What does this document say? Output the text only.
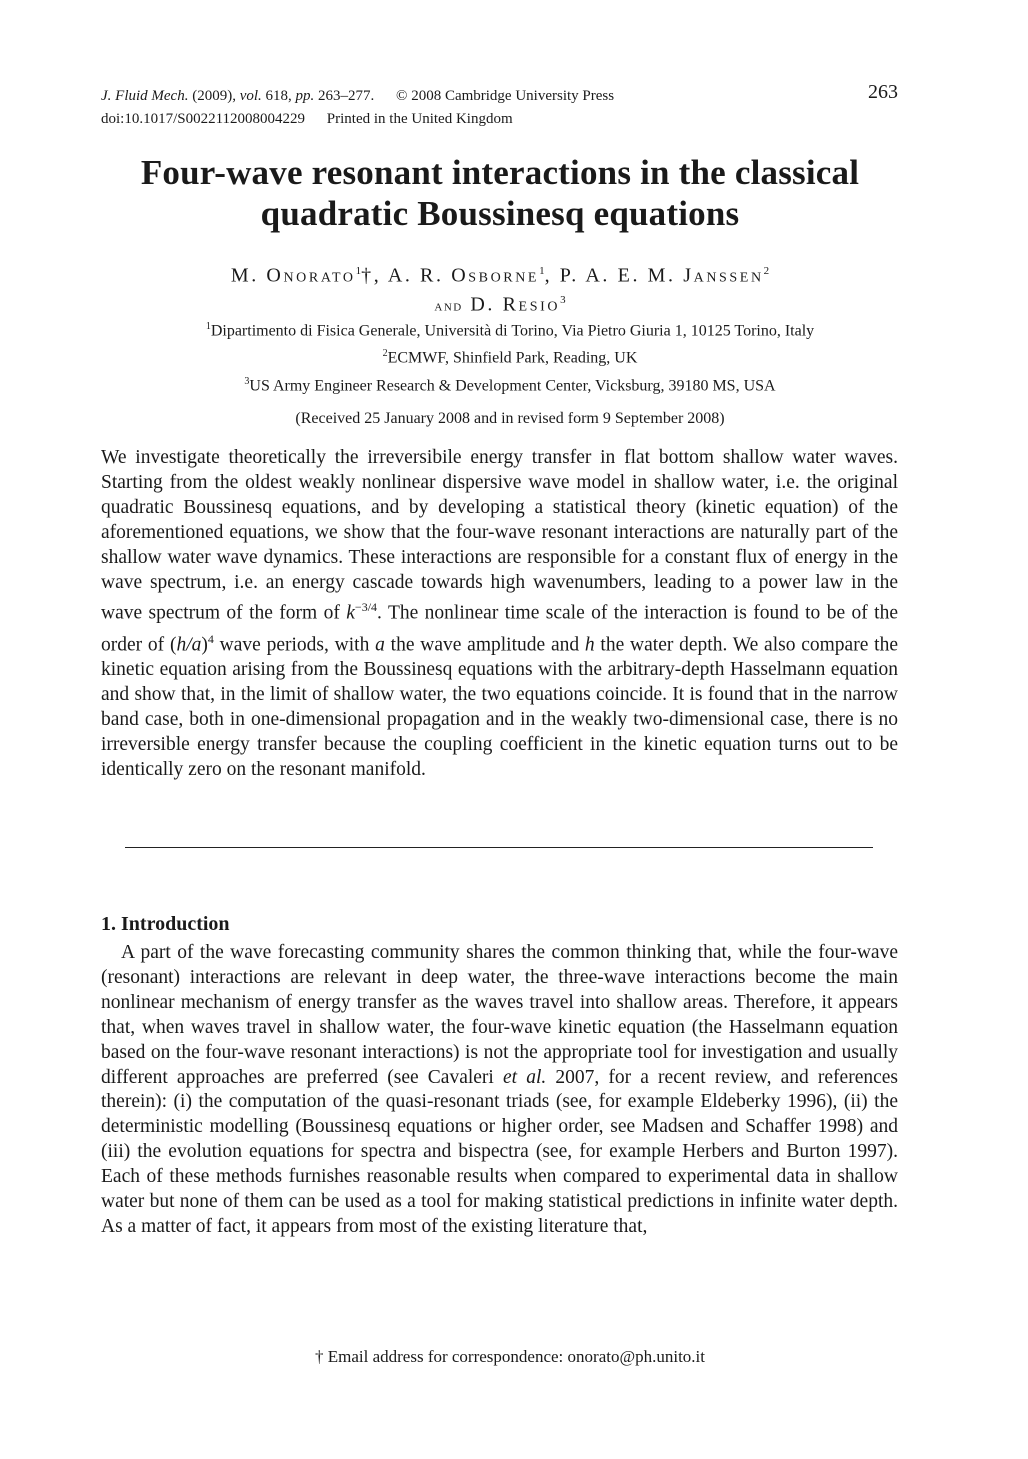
J. Fluid Mech. (2009), vol. 618, pp. 263–277. © 2008 Cambridge University Press
doi:10.1017/S0022112008004229 Printed in the United Kingdom
263
Four-wave resonant interactions in the classical
quadratic Boussinesq equations
M. Onorato$^1$†, A. R. Osborne$^1$, P. A. E. M. Janssen$^2$
and D. Resio$^3$
$^1$Dipartimento di Fisica Generale, Università di Torino, Via Pietro Giuria 1, 10125 Torino, Italy
$^2$ECMWF, Shinfield Park, Reading, UK
$^3$US Army Engineer Research & Development Center, Vicksburg, 39180 MS, USA
(Received 25 January 2008 and in revised form 9 September 2008)
We investigate theoretically the irreversibile energy transfer in flat bottom shallow water waves. Starting from the oldest weakly nonlinear dispersive wave model in shallow water, i.e. the original quadratic Boussinesq equations, and by developing a statistical theory (kinetic equation) of the aforementioned equations, we show that the four-wave resonant interactions are naturally part of the shallow water wave dynamics. These interactions are responsible for a constant flux of energy in the wave spectrum, i.e. an energy cascade towards high wavenumbers, leading to a power law in the wave spectrum of the form of $k^{-3/4}$. The nonlinear time scale of the interaction is found to be of the order of $(h/a)^4$ wave periods, with a the wave amplitude and h the water depth. We also compare the kinetic equation arising from the Boussinesq equations with the arbitrary-depth Hasselmann equation and show that, in the limit of shallow water, the two equations coincide. It is found that in the narrow band case, both in one-dimensional propagation and in the weakly two-dimensional case, there is no irreversible energy transfer because the coupling coefficient in the kinetic equation turns out to be identically zero on the resonant manifold.
1. Introduction
A part of the wave forecasting community shares the common thinking that, while the four-wave (resonant) interactions are relevant in deep water, the three-wave interactions become the main nonlinear mechanism of energy transfer as the waves travel into shallow areas. Therefore, it appears that, when waves travel in shallow water, the four-wave kinetic equation (the Hasselmann equation based on the four-wave resonant interactions) is not the appropriate tool for investigation and usually different approaches are preferred (see Cavaleri et al. 2007, for a recent review, and references therein): (i) the computation of the quasi-resonant triads (see, for example Eldeberky 1996), (ii) the deterministic modelling (Boussinesq equations or higher order, see Madsen and Schaffer 1998) and (iii) the evolution equations for spectra and bispectra (see, for example Herbers and Burton 1997). Each of these methods furnishes reasonable results when compared to experimental data in shallow water but none of them can be used as a tool for making statistical predictions in infinite water depth. As a matter of fact, it appears from most of the existing literature that,
† Email address for correspondence: onorato@ph.unito.it
